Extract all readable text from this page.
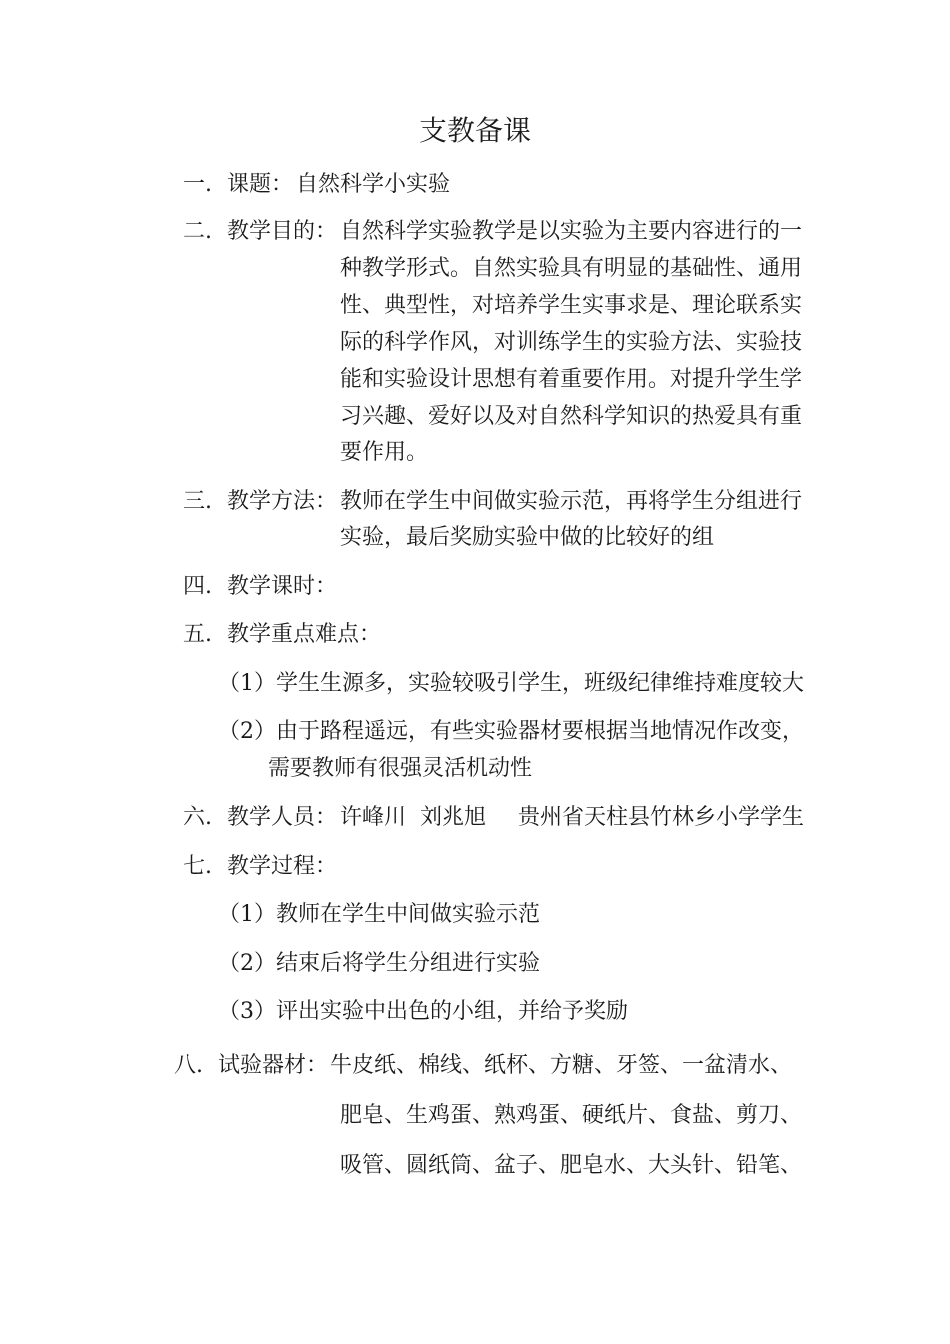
支教备课
一. 课题： 自然科学小实验
二. 教学目的： 自然科学实验教学是以实验为主要内容进行的一
种教学形式。自然实验具有明显的基础性、通用
性、典型性，对培养学生实事求是、理论联系实
际的科学作风，对训练学生的实验方法、实验技
能和实验设计思想有着重要作用。对提升学生学
习兴趣、爱好以及对自然科学知识的热爱具有重
要作用。
三. 教学方法： 教师在学生中间做实验示范，再将学生分组进行
实验，最后奖励实验中做的比较好的组
四. 教学课时：
五. 教学重点难点：
（1）学生生源多，实验较吸引学生，班级纪律维持难度较大
（2）由于路程遥远，有些实验器材要根据当地情况作改变，
需要教师有很强灵活机动性
六. 教学人员： 许峰川  刘兆旭 贵州省天柱县竹林乡小学学生
七. 教学过程：
（1）教师在学生中间做实验示范
（2）结束后将学生分组进行实验
（3）评出实验中出色的小组，并给予奖励
八. 试验器材： 牛皮纸、棉线、纸杯、方糖、牙签、一盆清水、
肥皂、生鸡蛋、熟鸡蛋、硬纸片、食盐、剪刀、
吸管、圆纸筒、盆子、肥皂水、大头针、铅笔、
